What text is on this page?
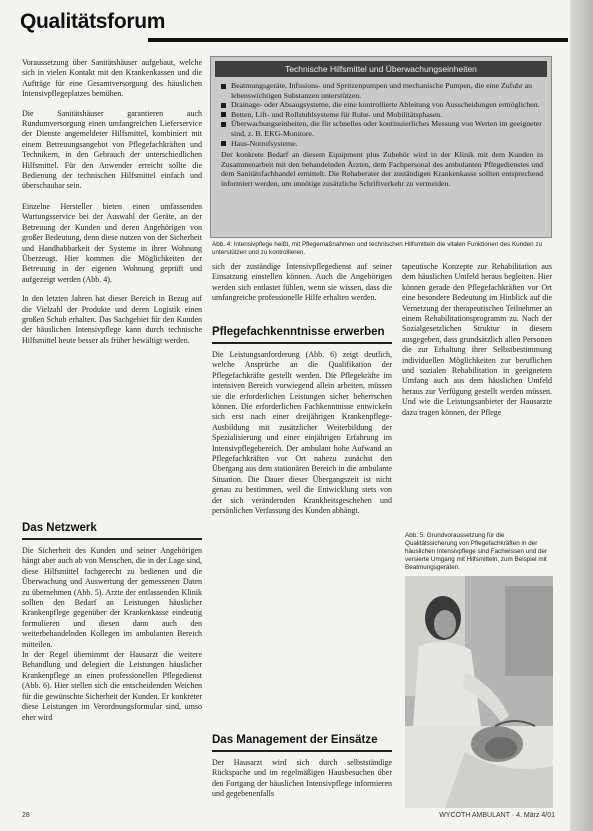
Qualitätsforum

Voraussetzung über Sanitätshäuser aufgebaut, welche sich in vielen Kontakt mit den Krankenkassen und die Aufträge für eine Gesamtversorgung des häuslichen Intensivpflegeplatzes bemühen.

Die Sanitätshäuser garantieren auch Rundumversorgung einen umfangreichen Lieferservice der Dienste angemeldeter Hilfsmittel, kombiniert mit einem Betreuungsangebot von Pflegefachkräften und Technikern, in den Gebrauch der unterschiedlichen Hilfsmittel. Für den Anwender erreicht sollte die Bedienung der technischen Hilfsmittel einfach und überschaubar sein.

Einzelne Hersteller bieten einen umfassenden Wartungsservice bei der Auswahl der Geräte, an der Betreuung der Kunden und deren Angehörigen von großer Bedeutung, denn diese nutzen von der Sicherheit und Handhabbarkeit der Systeme in ihrer Wohnung Überzeugt. Hier kommen die Möglichkeiten der Betreuung in der eigenen Wohnung geprüft und aufgezeigt werden (Abb. 4).

In den letzten Jahren hat dieser Bereich in Bezug auf die Vielzahl der Produkte und deren Logistik einen großen Schub erhalten. Das Sachgebiet für den Kunden der häuslichen Intensivpflege kann durch technische Hilfsmittel heute besser als früher bewältigt werden.

Das Netzwerk

Die Sicherheit des Kunden und seiner Angehörigen hängt aber auch ab von Menschen, die in der Lage sind, diese Hilfsmittel fachgerecht zu bedienen und die Überwachung und Auswertung der gemessenen Daten zu übernehmen (Abb. 5). Arzte der entlassenden Klinik sollten den Bedarf an Leistungen häuslicher Krankenpflege gegenüber der Krankenkasse eindeutig formulieren und diesen dann auch den weiterbehandelnden Kollegen im ambulanten Bereich mitteilen.

In der Regel übernimmt der Hausarzt die weitere Behandlung und delegiert die Leistungen häuslicher Krankenpflege an einen professionellen Pflegedienst (Abb. 6). Hier stellen sich die entscheidenden Weichen für die gewünschte Sicherheit der Kunden. Er konkreter diese Leistungen im Verordnungsformular sind, umso eher wird

Technische Hilfsmittel und Überwachungseinheiten
Beatmungsgeräte, Infusions- und Spritzenpumpen und mechanische Pumpen, die eine Zufuhr an lebenswichtigen Substanzen unterstützen.
Drainage- oder Absaugsysteme, die eine kontrollierte Ableitung von Ausscheidungen ermöglichen.
Betten, Lift- und Rollstuhlsysteme für Ruhe- und Mobilitätsphasen.
Überwachungseinheiten, die für schnelles oder kontinuierliches Messung von Werten im geeigneter sind, z. B. EKG-Monitore.
Haus-Notrufsysteme.
Der konkrete Bedarf an diesem Equipment plus Zubehör wird in der Klinik mit dem Kunden in Zusammenarbeit mit den behandelnden Ärzten, dem Fachpersonal des ambulanten Pflegedienstes und dem Sanitätsfachhandel ermittelt. Die Rehaberater der zuständigen Krankenkasse sollten entsprechend informiert werden, um unnötige zusätzliche Schriftverkehr zu vermeiden.
Abb. 4: Intensivpflege heißt, mit Pflegemaßnahmen und technischen Hilfsmitteln die vitalen Funktionen des Kunden zu unterstützen und zu kontrollieren.
sich der zuständige Intensivpflegedienst auf seiner Einsatzung einstellen können. Auch die Angehörigen werden sich entlastet fühlen, wenn sie wissen, dass die umfangreiche professionelle Hilfe erhalten werden.
Pflegefachkenntnisse erwerben
Die Leistungsanforderung (Abb. 6) zeigt deutlich, welche Ansprüche an die Qualifikation der Pflegefachkräfte gestellt werden. Die Pflegekräfte im intensiven Bereich vorwiegend allein arbeiten, müssen sie die erforderlichen Leistungen sicher beherrschen können. Die erforderlichen Fachkenntnisse entwickeln sich erst nach einer dreijährigen Krankenpflege-Ausbildung mit zusätzlicher Weiterbildung der Spezialisierung und einer einjährigen Erfahrung im Intensivpflegebereich. Der ambulant hohe Aufwand an Pflegefachkräften vor Ort nahezu zunächst den Übergang aus dem stationären Bereich in die ambulante Situation. Die Dauer dieser Übergangszeit ist nicht genau zu bestimmen, weil die Entwicklung stets von der sich verändernden Krankheitsgeschehen und persönlichen Verfassung des Kunden abhängt.
Das Management der Einsätze
Der Hausarzt wird sich durch selbstständige Rückspache und im regelmäßigen Hausbesuchen über den Fortgang der häuslichen Intensivpflege informieren und gegebenenfalls
tapeutische Konzepte zur Rehabilitation aus dem häuslichen Umfeld heraus begleiten. Hier können gerade den Pflegefachkräften vor Ort eine besondere Bedeutung im Hinblick auf die Vernetzung der therapeutischen Teilnehmer an einem Rehabilitationsprogramm zu. Nach der Sozialgesetzlichen Struktur in diesem ausgegeben, dass grundsätzlich allen Personen die zur Erhaltung ihrer Selbstbestimmung individuellen Möglichkeiten zur beruflichen und sozialen Rehabilitation in geeignetem Umfang auch aus dem häuslichen Umfeld heraus zur Verfügung gestellt werden müssen. Und wie die Leistungsanbieter der Hausarzte dazu tragen können, der Pflege
Abb. 5: Grundvoraussetzung für die Qualitätssicherung von Pflegefachkräften in der häuslichen Intensivpflege sind Fachwissen und der versierte Umgang mit Hilfsmitteln, zum Beispiel mit Beatmungsgeräten.
28	WYCOTH AMBULANT · 4. März 4/01
